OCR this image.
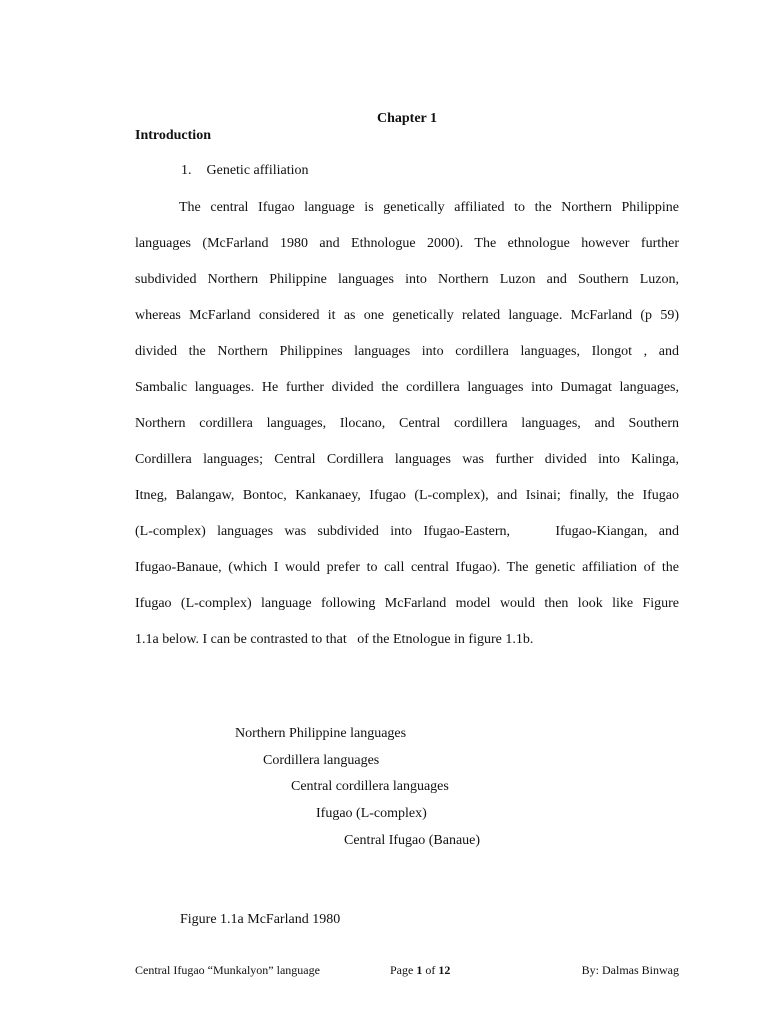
Chapter 1
Introduction
1. Genetic affiliation
The central Ifugao language is genetically affiliated to the Northern Philippine
languages (McFarland 1980 and Ethnologue 2000). The ethnologue however further
subdivided Northern Philippine languages into Northern Luzon and Southern Luzon,
whereas McFarland considered it as one genetically related language. McFarland (p 59)
divided the Northern Philippines languages into cordillera languages, Ilongot , and
Sambalic languages. He further divided the cordillera languages into Dumagat languages,
Northern cordillera languages, Ilocano, Central cordillera languages, and Southern
Cordillera languages; Central Cordillera languages was further divided into Kalinga,
Itneg, Balangaw, Bontoc, Kankanaey, Ifugao (L-complex), and Isinai; finally, the Ifugao
(L-complex) languages was subdivided into Ifugao-Eastern,    Ifugao-Kiangan, and
Ifugao-Banaue, (which I would prefer to call central Ifugao). The genetic affiliation of the
Ifugao (L-complex) language following McFarland model would then look like Figure
1.1a below. I can be contrasted to that   of the Etnologue in figure 1.1b.
Northern Philippine languages
Cordillera languages
Central cordillera languages
Ifugao (L-complex)
Central Ifugao (Banaue)
Figure 1.1a McFarland 1980
Central Ifugao “Munkalyon” language	Page 1 of 12	By: Dalmas Binwag
